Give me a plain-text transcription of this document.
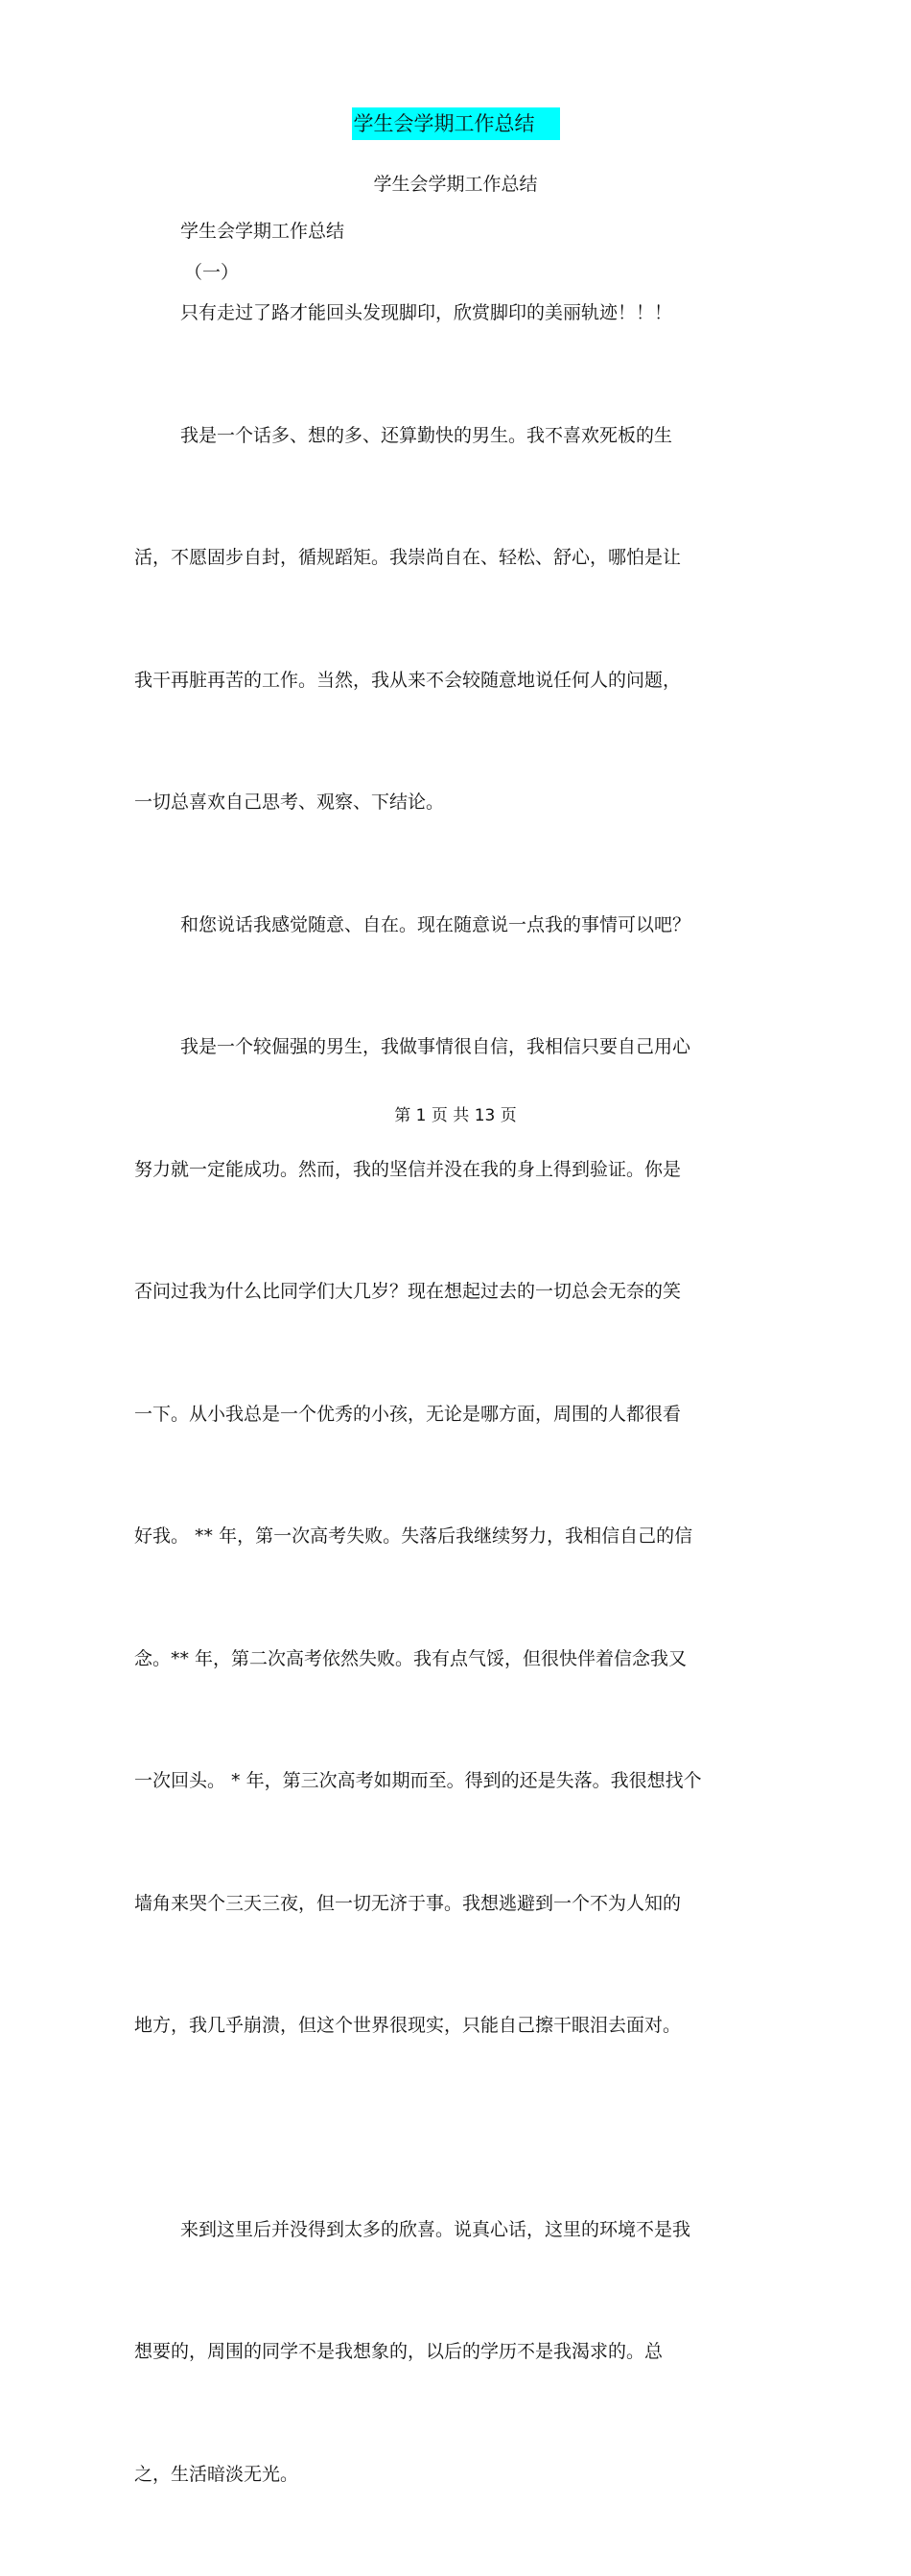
学生会学期工作总结
学生会学期工作总结

学生会学期工作总结

（一）

只有走过了路才能回头发现脚印，欣赏脚印的美丽轨迹！！！

我是一个话多、想的多、还算勤快的男生。我不喜欢死板的生

活，不愿固步自封，循规蹈矩。我崇尚自在、轻松、舒心，哪怕是让

我干再脏再苦的工作。当然，我从来不会较随意地说任何人的问题，

一切总喜欢自己思考、观察、下结论。

和您说话我感觉随意、自在。现在随意说一点我的事情可以吧？

我是一个较倔强的男生，我做事情很自信，我相信只要自己用心

努力就一定能成功。然而，我的坚信并没在我的身上得到验证。你是

否问过我为什么比同学们大几岁？现在想起过去的一切总会无奈的笑

一下。从小我总是一个优秀的小孩，无论是哪方面，周围的人都很看

好我。 ** 年，第一次高考失败。失落后我继续努力，我相信自己的信

念。** 年，第二次高考依然失败。我有点气馁，但很快伴着信念我又

一次回头。 * 年，第三次高考如期而至。得到的还是失落。我很想找个

墙角来哭个三天三夜，但一切无济于事。我想逃避到一个不为人知的

地方，我几乎崩溃，但这个世界很现实，只能自己擦干眼泪去面对。

来到这里后并没得到太多的欣喜。说真心话，这里的环境不是我

想要的，周围的同学不是我想象的，以后的学历不是我渴求的。总

之，生活暗淡无光。

第 1 页 共 13 页
